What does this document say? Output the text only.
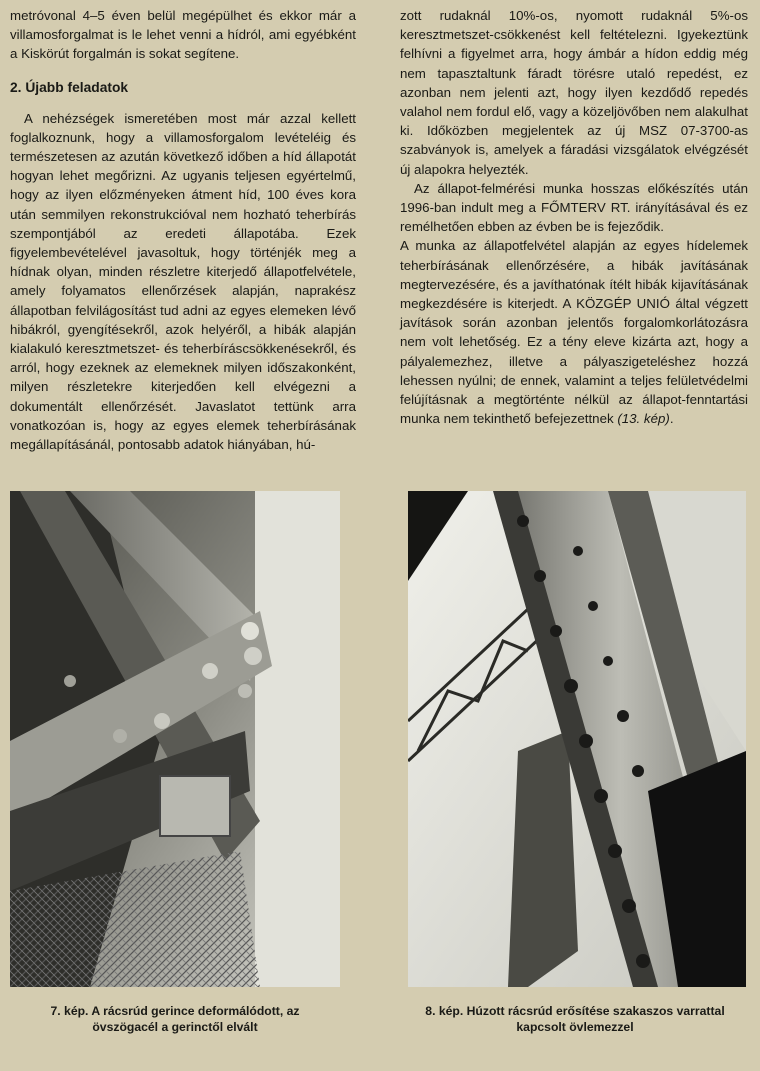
metróvonal 4–5 éven belül megépülhet és ekkor már a villamosforgalmat is le lehet venni a hídról, ami egyébként a Kiskörút forgalmán is sokat segítene.

2. Újabb feladatok

A nehézségek ismeretében most már azzal kellett foglalkoznunk, hogy a villamosforgalom levételéig és természetesen az azután következő időben a híd állapotát hogyan lehet megőrizni. Az ugyanis teljesen egyértelmű, hogy az ilyen előzményeken átment híd, 100 éves kora után semmilyen rekonstrukcióval nem hozható teherbírás szempontjából az eredeti állapotába. Ezek figyelembevételével javasoltuk, hogy történjék meg a hídnak olyan, minden részletre kiterjedő állapotfelvétele, amely folyamatos ellenőrzések alapján, naprakész állapotban felvilágosítást tud adni az egyes elemeken lévő hibákról, gyengítésekről, azok helyéről, a hibák alapján kialakuló keresztmetszet- és teherbíráscsökkenésekről, és arról, hogy ezeknek az elemeknek milyen időszakonként, milyen részletekre kiterjedően kell elvégezni a dokumentált ellenőrzését. Javaslatot tettünk arra vonatkozóan is, hogy az egyes elemek teherbírásának megállapításánál, pontosabb adatok hiányában, hú-

zott rudaknál 10%-os, nyomott rudaknál 5%-os keresztmetszet-csökkenést kell feltételezni. Igyekeztünk felhívni a figyelmet arra, hogy ámbár a hídon eddig még nem tapasztaltunk fáradt törésre utaló repedést, ez azonban nem jelenti azt, hogy ilyen kezdődő repedés valahol nem fordul elő, vagy a közeljövőben nem alakulhat ki. Időközben megjelentek az új MSZ 07-3700-as szabványok is, amelyek a fáradási vizsgálatok elvégzését új alapokra helyezték.

Az állapot-felmérési munka hosszas előkészítés után 1996-ban indult meg a FŐMTERV RT. irányításával és ez remélhetően ebben az évben be is fejeződik.

A munka az állapotfelvétel alapján az egyes hídelemek teherbírásának ellenőrzésére, a hibák javításának megtervezésére, és a javíthatónak ítélt hibák kijavításának megkezdésére is kiterjedt. A KÖZGÉP UNIÓ által végzett javítások során azonban jelentős forgalomkorlátozásra nem volt lehetőség. Ez a tény eleve kizárta azt, hogy a pályalemezhez, illetve a pályaszigeteléshez hozzá lehessen nyúlni; de ennek, valamint a teljes felületvédelmi felújításnak a megtörténte nélkül az állapot-fenntartási munka nem tekinthető befejezettnek (13. kép).

7. kép. A rácsrúd gerince deformálódott, az övszögacél a gerinctől elvált
8. kép. Húzott rácsrúd erősítése szakaszos varrattal kapcsolt övlemezzel
